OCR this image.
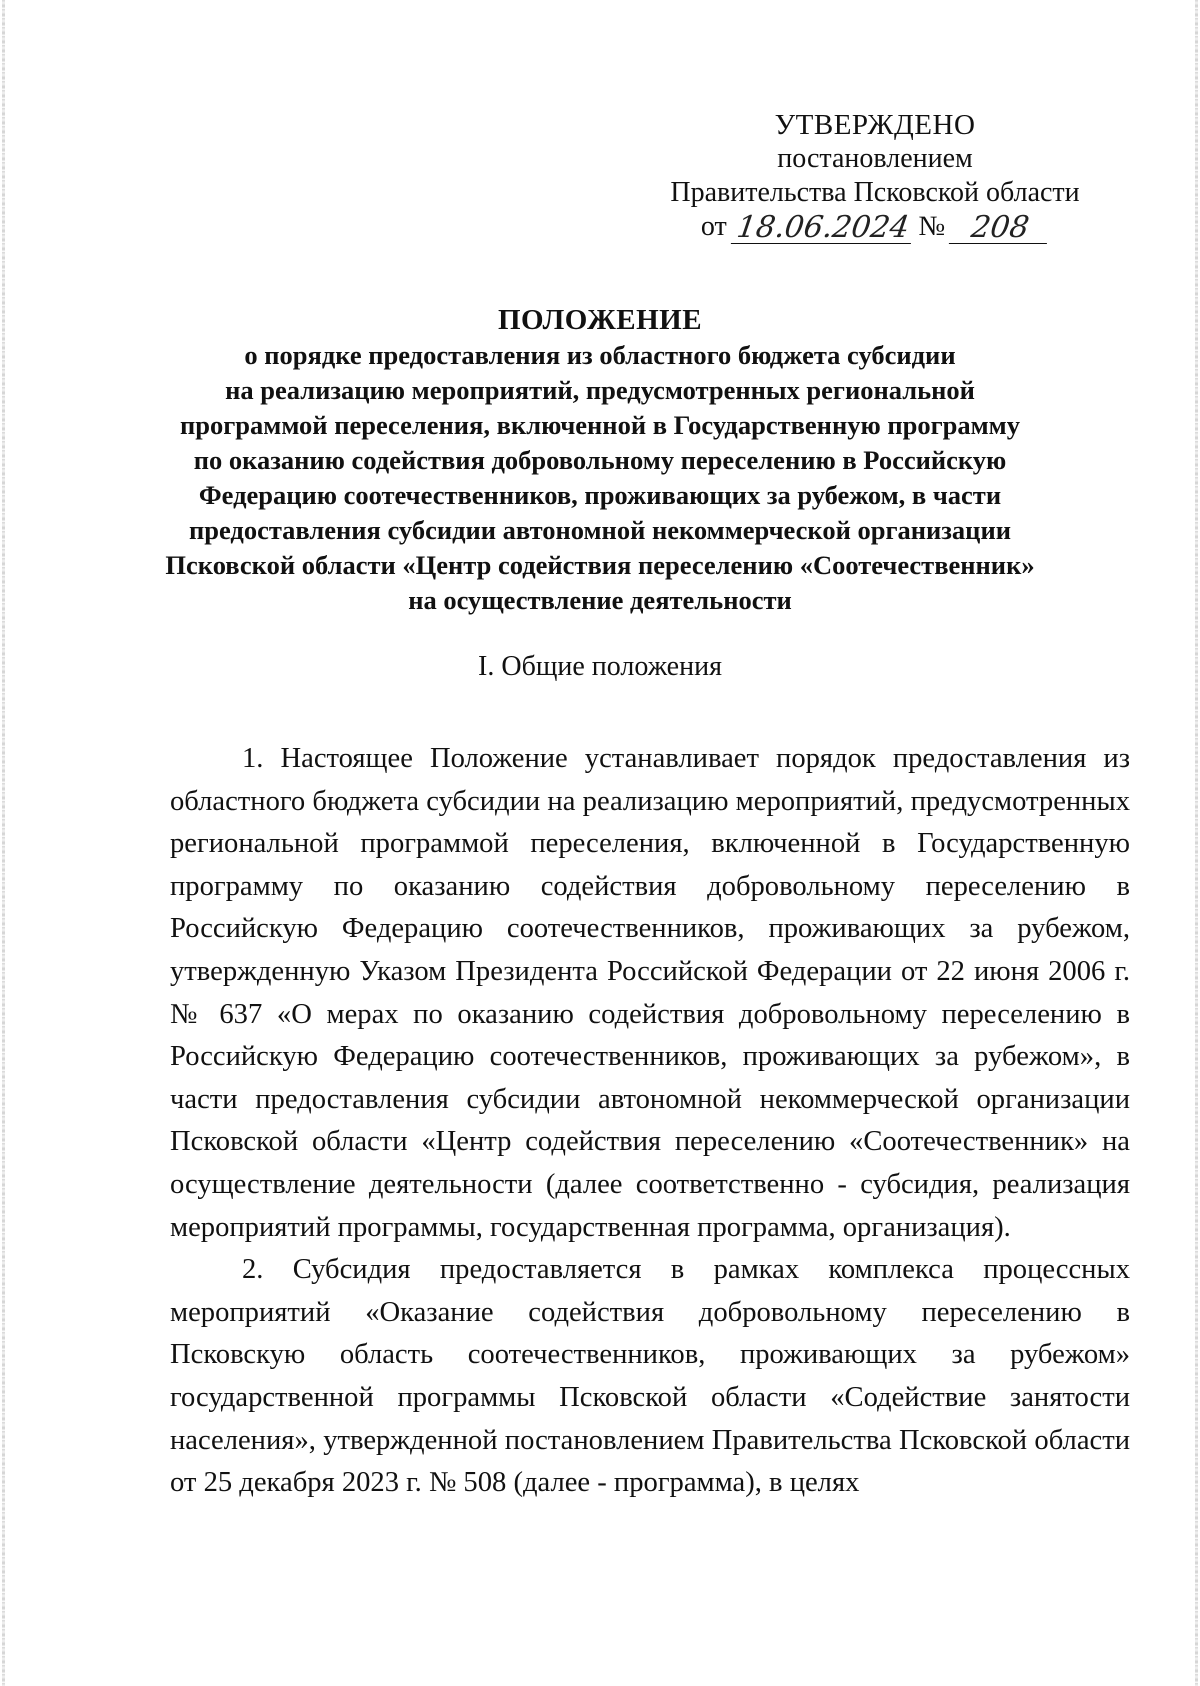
УТВЕРЖДЕНО
постановлением
Правительства Псковской области
от 18.06.2024 № 208
ПОЛОЖЕНИЕ

о порядке предоставления из областного бюджета субсидии

на реализацию мероприятий, предусмотренных региональной

программой переселения, включенной в Государственную программу

по оказанию содействия добровольному переселению в Российскую

Федерацию соотечественников, проживающих за рубежом, в части

предоставления субсидии автономной некоммерческой организации

Псковской области «Центр содействия переселению «Соотечественник»

на осуществление деятельности

I. Общие положения

1. Настоящее Положение устанавливает порядок предоставления из областного бюджета субсидии на реализацию мероприятий, предусмотренных региональной программой переселения, включенной в Государственную программу по оказанию содействия добровольному переселению в Российскую Федерацию соотечественников, проживающих за рубежом, утвержденную Указом Президента Российской Федерации от 22 июня 2006 г. № 637 «О мерах по оказанию содействия добровольному переселению в Российскую Федерацию соотечественников, проживающих за рубежом», в части предоставления субсидии автономной некоммерческой организации Псковской области «Центр содействия переселению «Соотечественник» на осуществление деятельности (далее соответственно - субсидия, реализация мероприятий программы, государственная программа, организация).

2. Субсидия предоставляется в рамках комплекса процессных мероприятий «Оказание содействия добровольному переселению в Псковскую область соотечественников, проживающих за рубежом» государственной программы Псковской области «Содействие занятости населения», утвержденной постановлением Правительства Псковской области от 25 декабря 2023 г. № 508 (далее - программа), в целях
